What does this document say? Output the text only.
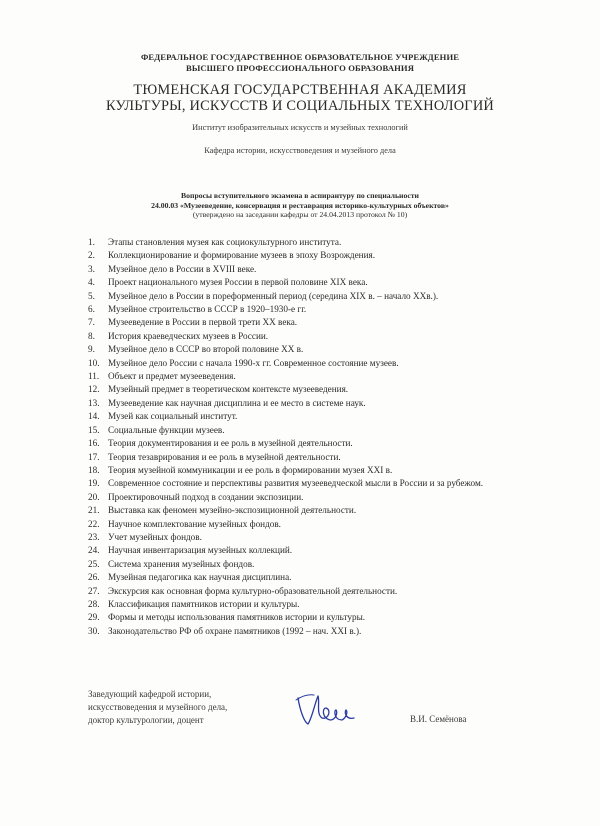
ФЕДЕРАЛЬНОЕ ГОСУДАРСТВЕННОЕ ОБРАЗОВАТЕЛЬНОЕ УЧРЕЖДЕНИЕ
ВЫСШЕГО ПРОФЕССИОНАЛЬНОГО ОБРАЗОВАНИЯ
ТЮМЕНСКАЯ ГОСУДАРСТВЕННАЯ АКАДЕМИЯ
КУЛЬТУРЫ, ИСКУССТВ И СОЦИАЛЬНЫХ ТЕХНОЛОГИЙ
Институт изобразительных искусств и музейных технологий
Кафедра истории, искусствоведения и музейного дела
Вопросы вступительного экзамена в аспирантуру по специальности
24.00.03 «Музееведение, консервация и реставрация историко-культурных объектов»
(утверждено на заседании кафедры от 24.04.2013 протокол № 10)
1. Этапы становления музея как социокультурного института.
2. Коллекционирование и формирование музеев в эпоху Возрождения.
3. Музейное дело в России в XVIII веке.
4. Проект национального музея России в первой половине XIX века.
5. Музейное дело в России в пореформенный период (середина XIX в. – начало XXв.).
6. Музейное строительство в СССР в 1920–1930-е гг.
7. Музееведение в России в первой трети XX века.
8. История краеведческих музеев в России.
9. Музейное дело в СССР во второй половине XX в.
10. Музейное дело России с начала 1990-х гг. Современное состояние музеев.
11. Объект и предмет музееведения.
12. Музейный предмет в теоретическом контексте музееведения.
13. Музееведение как научная дисциплина и ее место в системе наук.
14. Музей как социальный институт.
15. Социальные функции музеев.
16. Теория документирования и ее роль в музейной деятельности.
17. Теория тезаврирования и ее роль в музейной деятельности.
18. Теория музейной коммуникации и ее роль в формировании музея XXI в.
19. Современное состояние и перспективы развития музееведческой мысли в России и за рубежом.
20. Проектировочный подход в создании экспозиции.
21. Выставка как феномен музейно-экспозиционной деятельности.
22. Научное комплектование музейных фондов.
23. Учет музейных фондов.
24. Научная инвентаризация музейных коллекций.
25. Система хранения музейных фондов.
26. Музейная педагогика как научная дисциплина.
27. Экскурсия как основная форма культурно-образовательной деятельности.
28. Классификация памятников истории и культуры.
29. Формы и методы использования памятников истории и культуры.
30. Законодательство РФ об охране памятников (1992 – нач. XXI в.).
Заведующий кафедрой истории,
искусствоведения и музейного дела,
доктор культурологии, доцент	В.И. Семёнова
